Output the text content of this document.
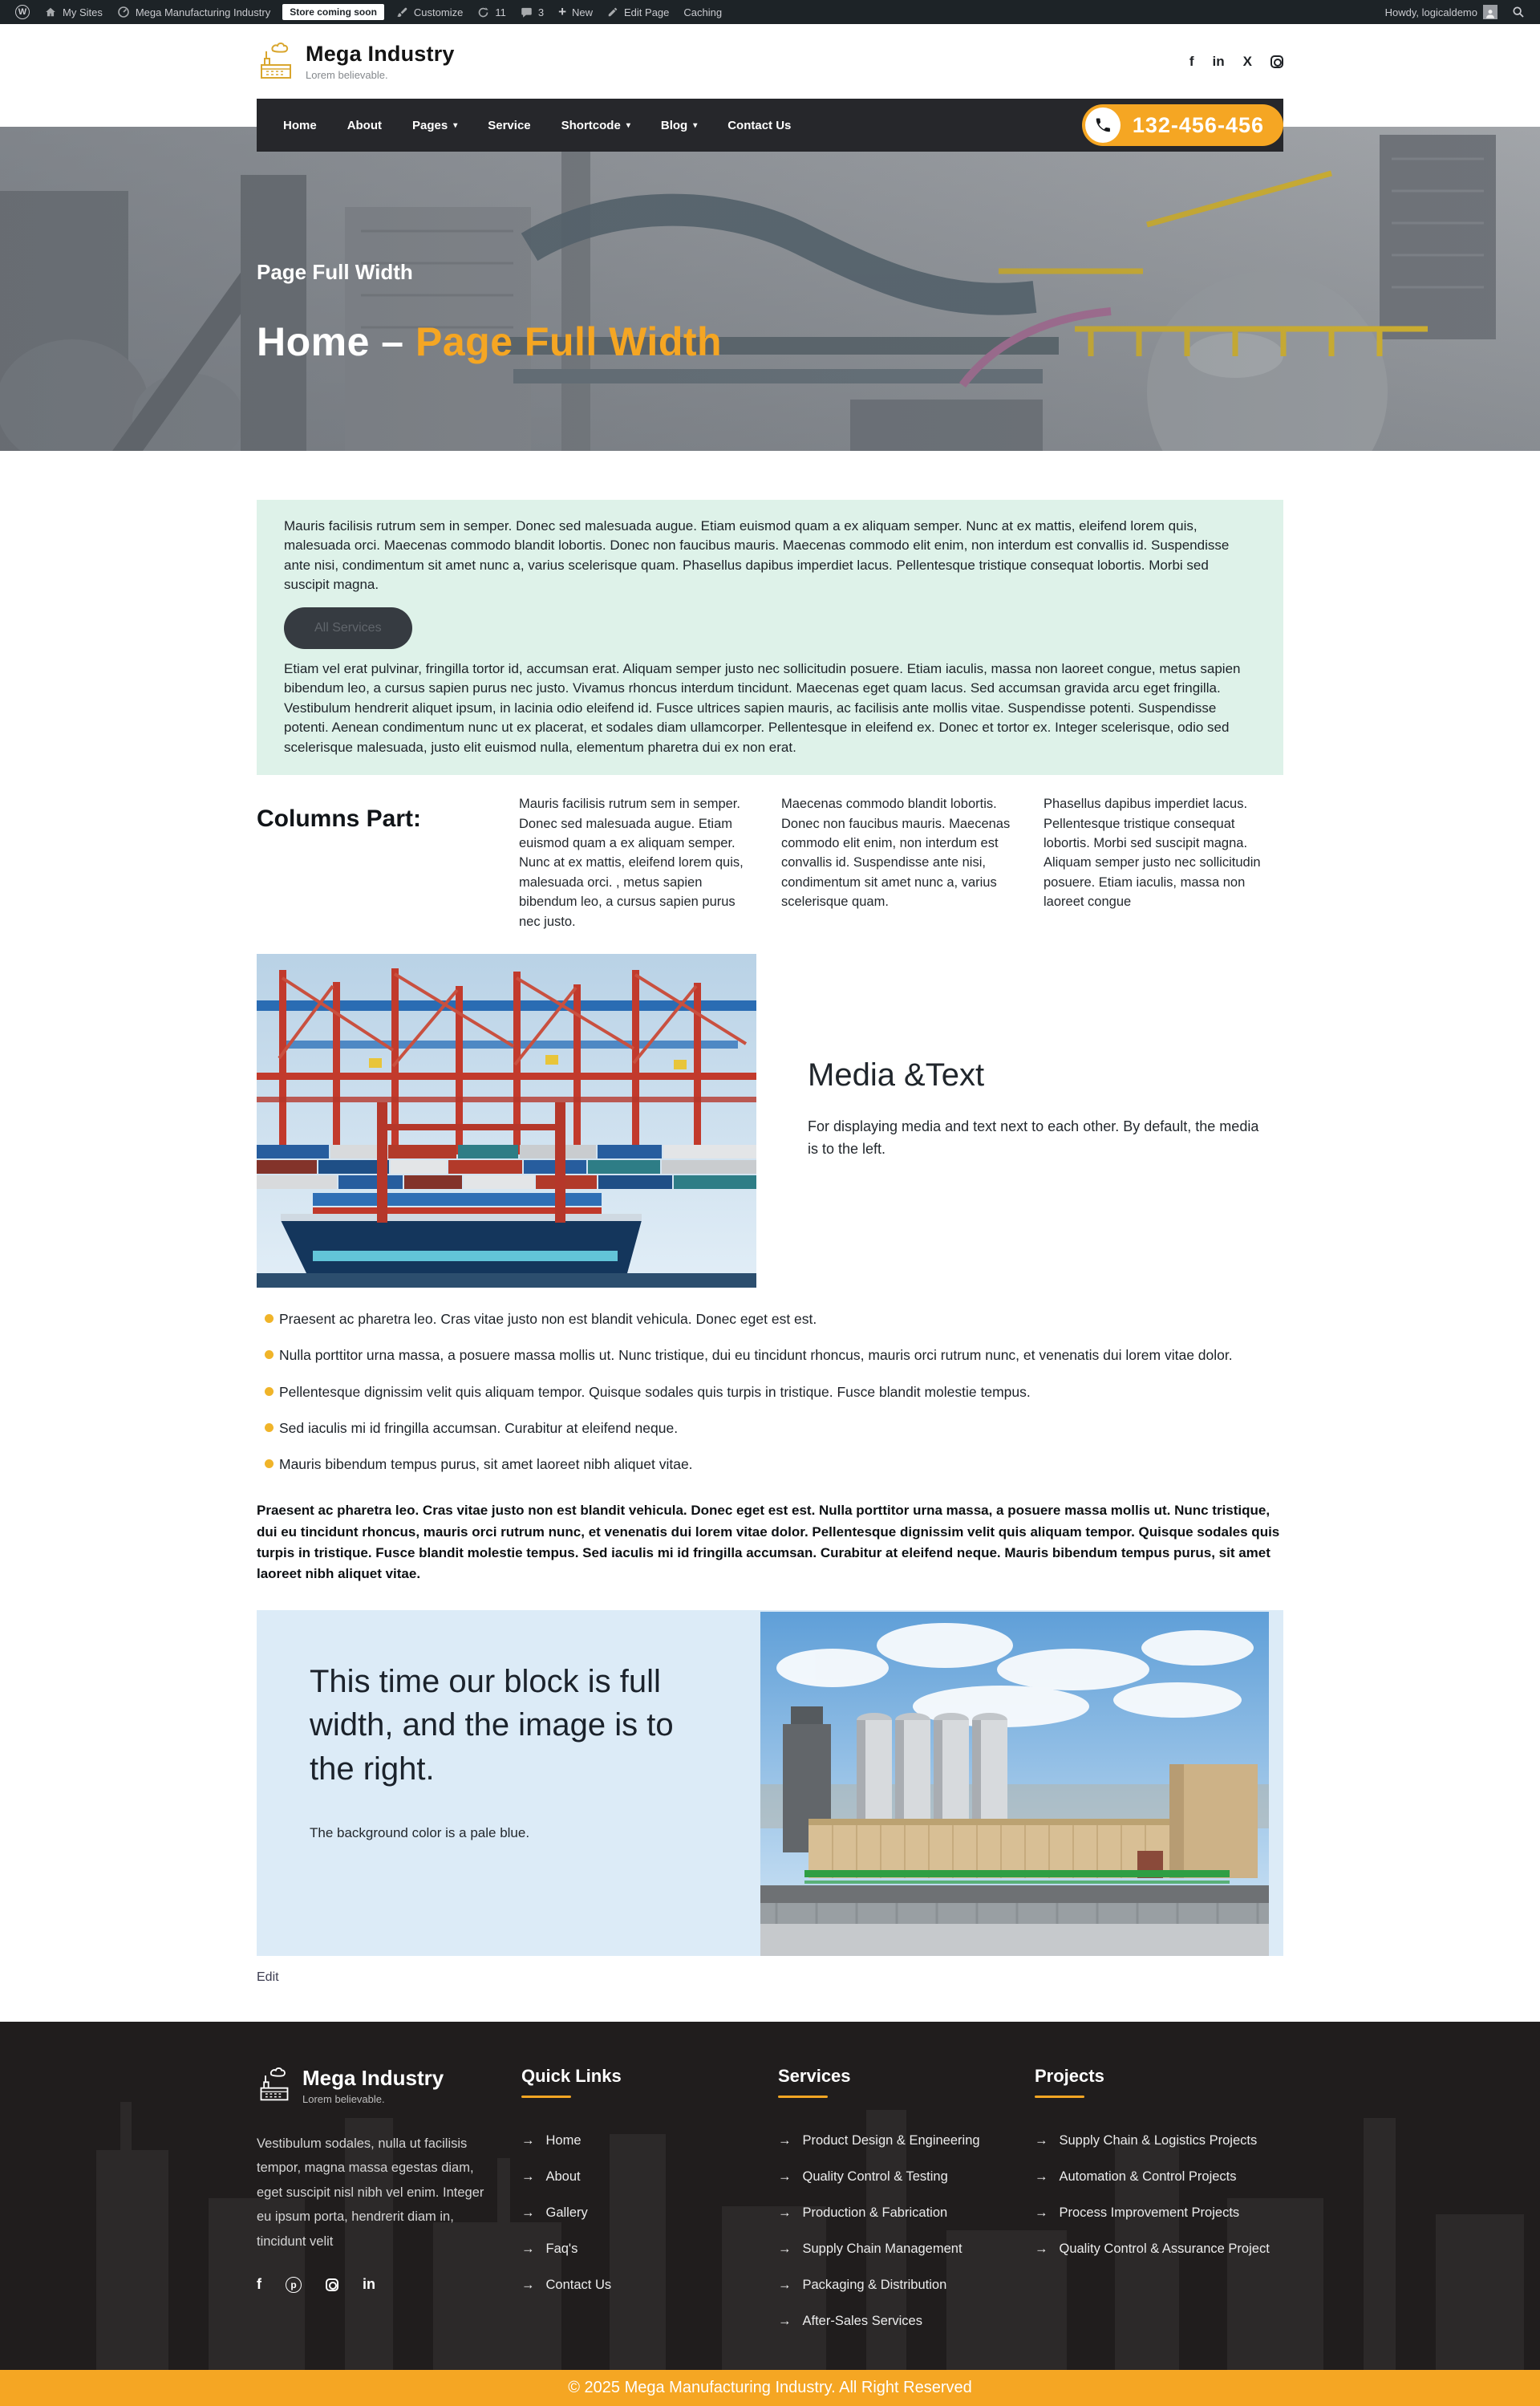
W	My Sites	Mega Manufacturing Industry	Store coming soon	Customize	11	3 + New	Edit Page Caching	Howdy, logicaldemo
Mega Industry
Lorem believable.
f in X
Home	About	Pages ▾	Service	Shortcode ▾	Blog ▾	Contact Us	132-456-456
Page Full Width
Home – Page Full Width

Mauris facilisis rutrum sem in semper. Donec sed malesuada augue. Etiam euismod quam a ex aliquam semper. Nunc at ex mattis, eleifend lorem quis, malesuada orci. Maecenas commodo blandit lobortis. Donec non faucibus mauris. Maecenas commodo elit enim, non interdum est convallis id. Suspendisse ante nisi, condimentum sit amet nunc a, varius scelerisque quam. Phasellus dapibus imperdiet lacus. Pellentesque tristique consequat lobortis. Morbi sed suscipit magna.

All Services

Etiam vel erat pulvinar, fringilla tortor id, accumsan erat. Aliquam semper justo nec sollicitudin posuere. Etiam iaculis, massa non laoreet congue, metus sapien bibendum leo, a cursus sapien purus nec justo. Vivamus rhoncus interdum tincidunt. Maecenas eget quam lacus. Sed accumsan gravida arcu eget fringilla. Vestibulum hendrerit aliquet ipsum, in lacinia odio eleifend id. Fusce ultrices sapien mauris, ac facilisis ante mollis vitae. Suspendisse potenti. Suspendisse potenti. Aenean condimentum nunc ut ex placerat, et sodales diam ullamcorper. Pellentesque in eleifend ex. Donec et tortor ex. Integer scelerisque, odio sed scelerisque malesuada, justo elit euismod nulla, elementum pharetra dui ex non erat.

Columns Part:

Mauris facilisis rutrum sem in semper. Donec sed malesuada augue. Etiam euismod quam a ex aliquam semper. Nunc at ex mattis, eleifend lorem quis, malesuada orci. , metus sapien bibendum leo, a cursus sapien purus nec justo.

Maecenas commodo blandit lobortis. Donec non faucibus mauris. Maecenas commodo elit enim, non interdum est convallis id. Suspendisse ante nisi, condimentum sit amet nunc a, varius scelerisque quam.

Phasellus dapibus imperdiet lacus. Pellentesque tristique consequat lobortis. Morbi sed suscipit magna. Aliquam semper justo nec sollicitudin posuere. Etiam iaculis, massa non laoreet congue

Media &Text

For displaying media and text next to each other. By default, the media is to the left.

Praesent ac pharetra leo. Cras vitae justo non est blandit vehicula. Donec eget est est.
Nulla porttitor urna massa, a posuere massa mollis ut. Nunc tristique, dui eu tincidunt rhoncus, mauris orci rutrum nunc, et venenatis dui lorem vitae dolor.
Pellentesque dignissim velit quis aliquam tempor. Quisque sodales quis turpis in tristique. Fusce blandit molestie tempus.
Sed iaculis mi id fringilla accumsan. Curabitur at eleifend neque.
Mauris bibendum tempus purus, sit amet laoreet nibh aliquet vitae.

Praesent ac pharetra leo. Cras vitae justo non est blandit vehicula. Donec eget est est. Nulla porttitor urna massa, a posuere massa mollis ut. Nunc tristique, dui eu tincidunt rhoncus, mauris orci rutrum nunc, et venenatis dui lorem vitae dolor. Pellentesque dignissim velit quis aliquam tempor. Quisque sodales quis turpis in tristique. Fusce blandit molestie tempus. Sed iaculis mi id fringilla accumsan. Curabitur at eleifend neque. Mauris bibendum tempus purus, sit amet laoreet nibh aliquet vitae.

This time our block is full width, and the image is to the right.

The background color is a pale blue.

Edit
Mega Industry
Lorem believable.

Vestibulum sodales, nulla ut facilisis tempor, magna massa egestas diam, eget suscipit nisl nibh vel enim. Integer eu ipsum porta, hendrerit diam in, tincidunt velit

f	p	in
Quick Links
→ Home
→ About
→ Gallery
→ Faq's
→ Contact Us
Services
→ Product Design & Engineering
→ Quality Control & Testing
→ Production & Fabrication
→ Supply Chain Management
→ Packaging & Distribution
→ After-Sales Services
Projects
→ Supply Chain & Logistics Projects
→ Automation & Control Projects
→ Process Improvement Projects
→ Quality Control & Assurance Project
© 2025 Mega Manufacturing Industry. All Right Reserved
